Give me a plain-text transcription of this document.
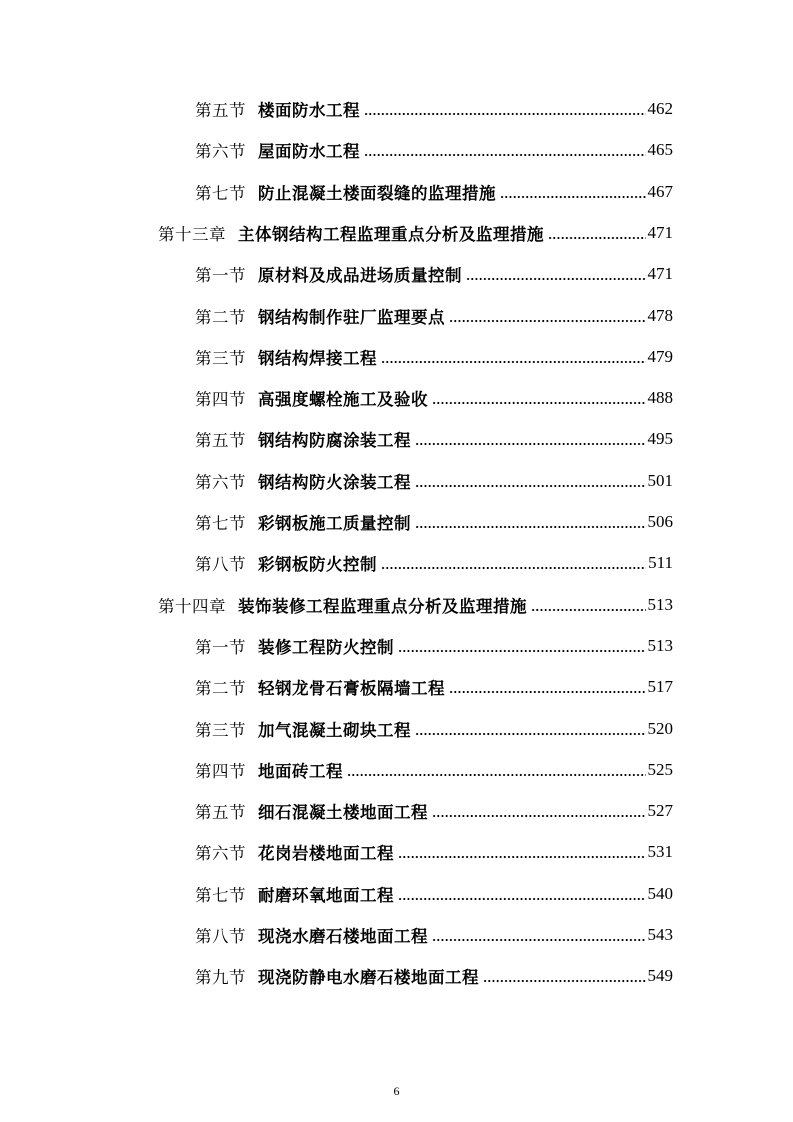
第五节 楼面防水工程	462
第六节 屋面防水工程	465
第七节 防止混凝土楼面裂缝的监理措施	467
第十三章 主体钢结构工程监理重点分析及监理措施	471
第一节 原材料及成品进场质量控制	471
第二节 钢结构制作驻厂监理要点	478
第三节 钢结构焊接工程	479
第四节 高强度螺栓施工及验收	488
第五节 钢结构防腐涂装工程	495
第六节 钢结构防火涂装工程	501
第七节 彩钢板施工质量控制	506
第八节 彩钢板防火控制	511
第十四章 装饰装修工程监理重点分析及监理措施	513
第一节 装修工程防火控制	513
第二节 轻钢龙骨石膏板隔墙工程	517
第三节 加气混凝土砌块工程	520
第四节 地面砖工程	525
第五节 细石混凝土楼地面工程	527
第六节 花岗岩楼地面工程	531
第七节 耐磨环氧地面工程	540
第八节 现浇水磨石楼地面工程	543
第九节 现浇防静电水磨石楼地面工程	549
6
